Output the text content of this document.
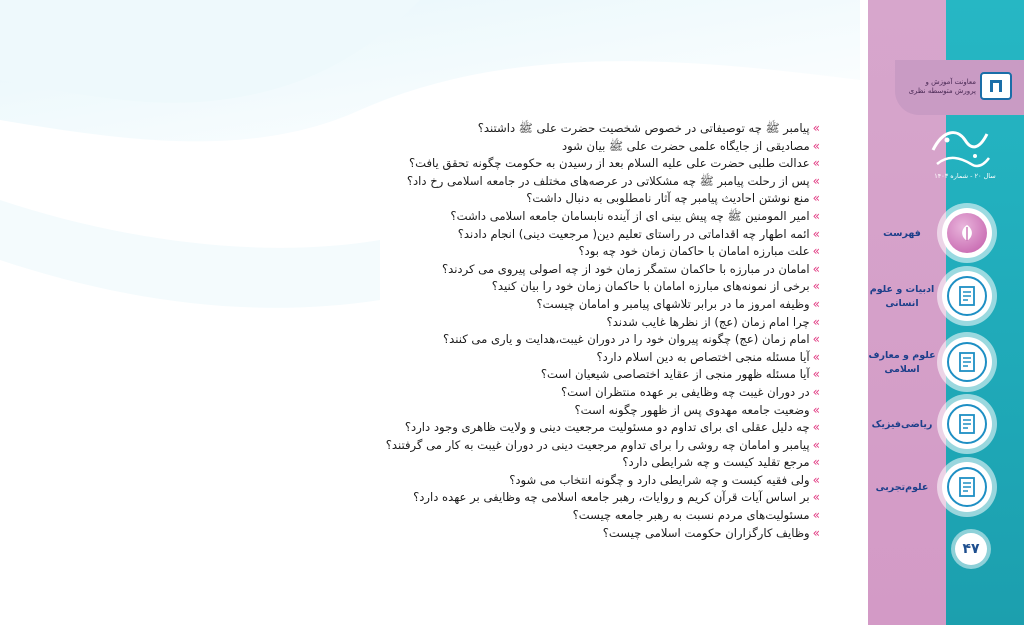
»پیامبر ﷺ چه توصیفاتی در خصوص شخصیت حضرت علی ﷺ داشتند؟
»مصادیقی از جایگاه علمی حضرت علی ﷺ بیان شود
»عدالت طلبی حضرت علی علیه السلام بعد از رسیدن به حکومت چگونه تحقق یافت؟
»پس از رحلت پیامبر ﷺ چه مشکلاتی در عرصه‌های مختلف در جامعه اسلامی رخ داد؟
»منع نوشتن احادیث پیامبر چه آثار نامطلوبی به دنبال داشت؟
»امیر المومنین ﷺ چه پیش بینی ای از آینده نابسامان جامعه اسلامی داشت؟
»ائمه اطهار چه اقداماتی در راستای تعلیم دین( مرجعیت دینی) انجام دادند؟
»علت مبارزه امامان با حاکمان زمان خود چه بود؟
»امامان در مبارزه با حاکمان ستمگر زمان خود از چه اصولی پیروی می کردند؟
»برخی از نمونه‌های مبارزه امامان با حاکمان زمان خود را بیان کنید؟
»وظیفه امروز ما در برابر تلاشهای پیامبر و امامان چیست؟
»چرا امام زمان (عج) از نظرها غایب شدند؟
»امام زمان (عج) چگونه پیروان خود را در دوران غیبت،هدایت و یاری می کنند؟
»آیا مسئله منجی اختصاص به دین اسلام دارد؟
»آیا مسئله ظهور منجی از عقاید اختصاصی شیعیان است؟
»در دوران غیبت چه وظایفی بر عهده منتظران است؟
»وضعیت جامعه مهدوی پس از ظهور چگونه است؟
»چه دلیل عقلی ای برای تداوم دو مسئولیت مرجعیت دینی و ولایت ظاهری وجود دارد؟
»پیامبر و امامان چه روشی را برای تداوم مرجعیت دینی در دوران غیبت به کار می گرفتند؟
»مرجع تقلید کیست و چه شرایطی دارد؟
»ولی فقیه کیست و چه شرایطی دارد و چگونه انتخاب می شود؟
»بر اساس آیات قرآن کریم و روایات، رهبر جامعه اسلامی چه وظایفی بر عهده دارد؟
»مسئولیت‌های مردم نسبت به رهبر جامعه چیست؟
»وظایف کارگزاران حکومت اسلامی چیست؟
معاونت آموزش و پرورش متوسطه نظری
سال ۲۰ - شماره ۱۴۰۳
فهرست
ادبیات و علوم انسانی
علوم و معارف اسلامی
ریاضی‌فیزیک
علوم‌تجربی
۴۷
